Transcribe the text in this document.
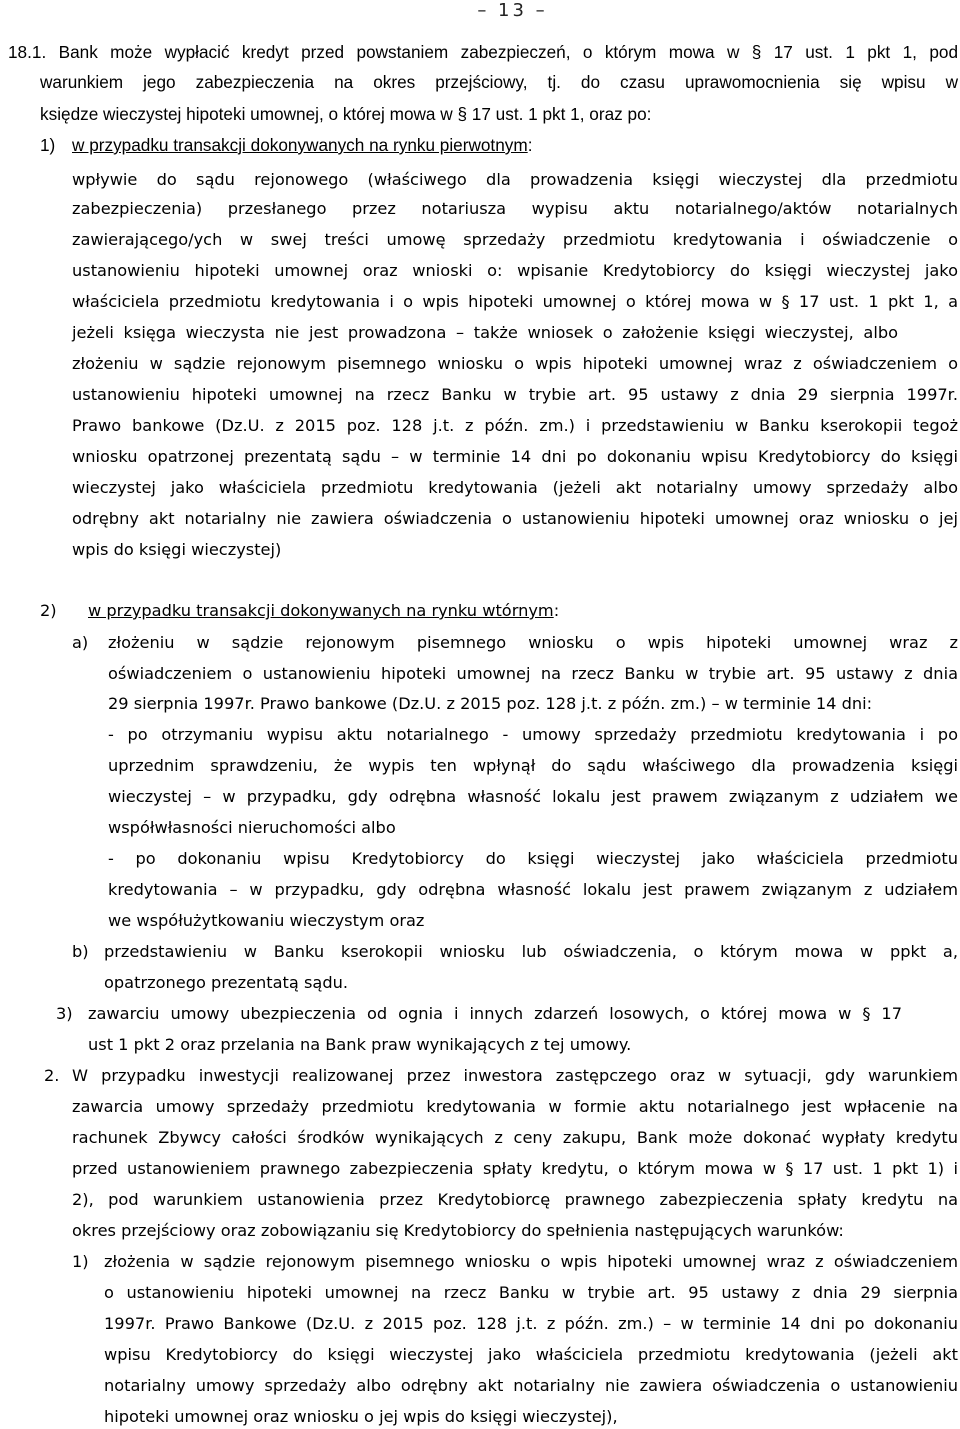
– 13 –
18.1. Bank może wypłacić kredyt przed powstaniem zabezpieczeń, o którym mowa w § 17 ust. 1 pkt 1, pod
warunkiem jego zabezpieczenia na okres przejściowy, tj. do czasu uprawomocnienia się wpisu w
księdze wieczystej hipoteki umownej, o której mowa w § 17 ust. 1 pkt 1, oraz po:
1) w przypadku transakcji dokonywanych na rynku pierwotnym:
wpływie do sądu rejonowego (właściwego dla prowadzenia księgi wieczystej dla przedmiotu
zabezpieczenia) przesłanego przez notariusza wypisu aktu notarialnego/aktów notarialnych
zawierającego/ych w swej treści umowę sprzedaży przedmiotu kredytowania i oświadczenie o
ustanowieniu hipoteki umownej oraz wnioski o: wpisanie Kredytobiorcy do księgi wieczystej jako
właściciela przedmiotu kredytowania i o wpis hipoteki umownej o której mowa w § 17 ust. 1 pkt 1, a
jeżeli księga wieczysta nie jest prowadzona – także wniosek o założenie księgi wieczystej, albo
złożeniu w sądzie rejonowym pisemnego wniosku o wpis hipoteki umownej wraz z oświadczeniem o
ustanowieniu hipoteki umownej na rzecz Banku w trybie art. 95 ustawy z dnia 29 sierpnia 1997r.
Prawo bankowe (Dz.U. z 2015 poz. 128 j.t. z późn. zm.) i przedstawieniu w Banku kserokopii tegoż
wniosku opatrzonej prezentatą sądu – w terminie 14 dni po dokonaniu wpisu Kredytobiorcy do księgi
wieczystej jako właściciela przedmiotu kredytowania (jeżeli akt notarialny umowy sprzedaży albo
odrębny akt notarialny nie zawiera oświadczenia o ustanowieniu hipoteki umownej oraz wniosku o jej
wpis do księgi wieczystej)
2) w przypadku transakcji dokonywanych na rynku wtórnym:
a) złożeniu w sądzie rejonowym pisemnego wniosku o wpis hipoteki umownej wraz z
oświadczeniem o ustanowieniu hipoteki umownej na rzecz Banku w trybie art. 95 ustawy z dnia
29 sierpnia 1997r. Prawo bankowe (Dz.U. z 2015 poz. 128 j.t. z późn. zm.) – w terminie 14 dni:
- po otrzymaniu wypisu aktu notarialnego - umowy sprzedaży przedmiotu kredytowania i po
uprzednim sprawdzeniu, że wypis ten wpłynął do sądu właściwego dla prowadzenia księgi
wieczystej – w przypadku, gdy odrębna własność lokalu jest prawem związanym z udziałem we
współwłasności nieruchomości albo
- po dokonaniu wpisu Kredytobiorcy do księgi wieczystej jako właściciela przedmiotu
kredytowania – w przypadku, gdy odrębna własność lokalu jest prawem związanym z udziałem
we współużytkowaniu wieczystym oraz
b) przedstawieniu w Banku kserokopii wniosku lub oświadczenia, o którym mowa w ppkt a,
opatrzonego prezentatą sądu.
3) zawarciu umowy ubezpieczenia od ognia i innych zdarzeń losowych, o której mowa w § 17
ust 1 pkt 2 oraz przelania na Bank praw wynikających z tej umowy.
2. W przypadku inwestycji realizowanej przez inwestora zastępczego oraz w sytuacji, gdy warunkiem
zawarcia umowy sprzedaży przedmiotu kredytowania w formie aktu notarialnego jest wpłacenie na
rachunek Zbywcy całości środków wynikających z ceny zakupu, Bank może dokonać wypłaty kredytu
przed ustanowieniem prawnego zabezpieczenia spłaty kredytu, o którym mowa w § 17 ust. 1 pkt 1) i
2), pod warunkiem ustanowienia przez Kredytobiorcę prawnego zabezpieczenia spłaty kredytu na
okres przejściowy oraz zobowiązaniu się Kredytobiorcy do spełnienia następujących warunków:
1) złożenia w sądzie rejonowym pisemnego wniosku o wpis hipoteki umownej wraz z oświadczeniem
o ustanowieniu hipoteki umownej na rzecz Banku w trybie art. 95 ustawy z dnia 29 sierpnia
1997r. Prawo Bankowe (Dz.U. z 2015 poz. 128 j.t. z późn. zm.) – w terminie 14 dni po dokonaniu
wpisu Kredytobiorcy do księgi wieczystej jako właściciela przedmiotu kredytowania (jeżeli akt
notarialny umowy sprzedaży albo odrębny akt notarialny nie zawiera oświadczenia o ustanowieniu
hipoteki umownej oraz wniosku o jej wpis do księgi wieczystej),
